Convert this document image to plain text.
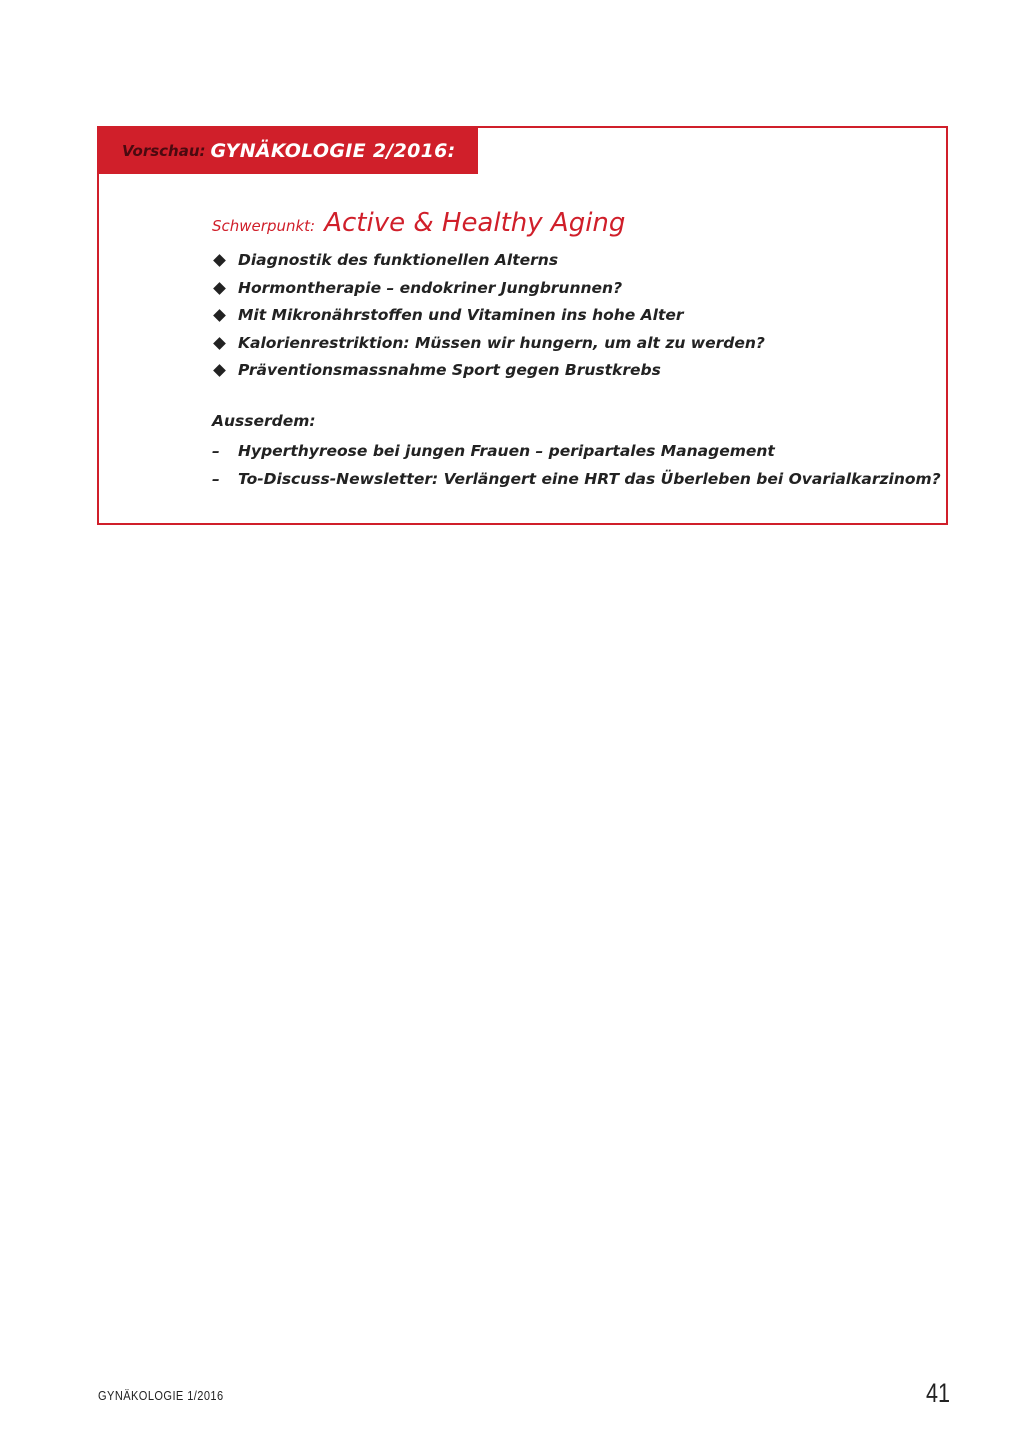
Vorschau: GYNÄKOLOGIE 2/2016:
Schwerpunkt: Active & Healthy Aging
Diagnostik des funktionellen Alterns
Hormontherapie – endokriner Jungbrunnen?
Mit Mikronährstoffen und Vitaminen ins hohe Alter
Kalorienrestriktion: Müssen wir hungern, um alt zu werden?
Präventionsmassnahme Sport gegen Brustkrebs
Ausserdem:
–	Hyperthyreose bei jungen Frauen – peripartales Management
–	To-Discuss-Newsletter: Verlängert eine HRT das Überleben bei Ovarialkarzinom?
GYNÄKOLOGIE 1/2016	41
